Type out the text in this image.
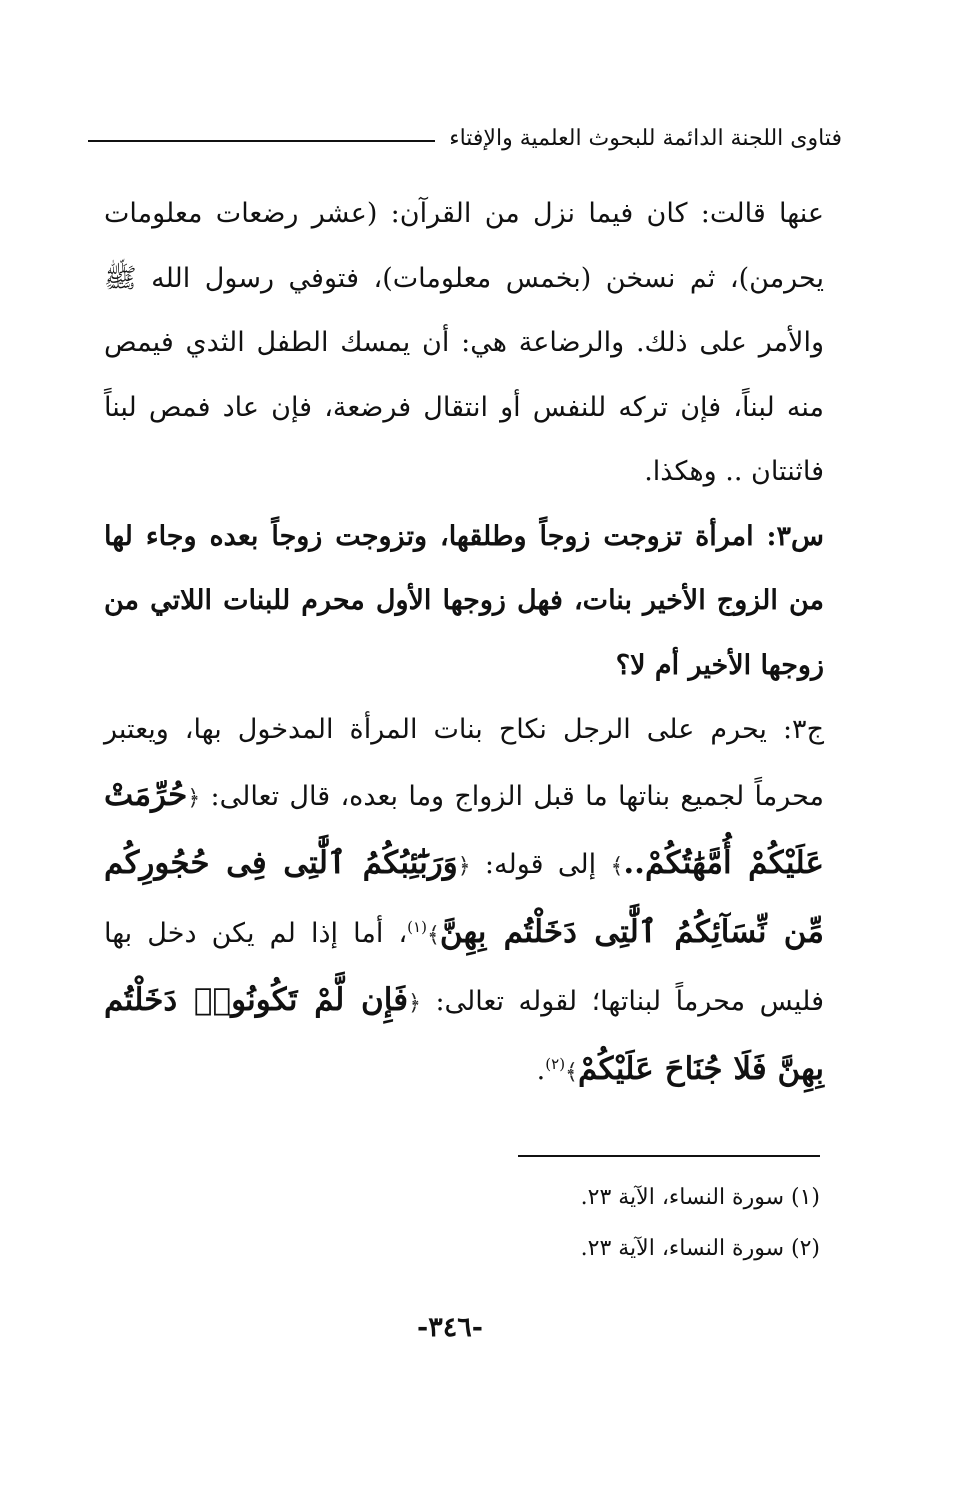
فتاوى اللجنة الدائمة للبحوث العلمية والإفتاء

عنها قالت: كان فيما نزل من القرآن: (عشر رضعات معلومات يحرمن)، ثم نسخن (بخمس معلومات)، فتوفي رسول الله ﷺ والأمر على ذلك. والرضاعة هي: أن يمسك الطفل الثدي فيمص منه لبناً، فإن تركه للنفس أو انتقال فرضعة، فإن عاد فمص لبناً فاثنتان .. وهكذا.

س٣: امرأة تزوجت زوجاً وطلقها، وتزوجت زوجاً بعده وجاء لها من الزوج الأخير بنات، فهل زوجها الأول محرم للبنات اللاتي من زوجها الأخير أم لا؟

ج٣: يحرم على الرجل نكاح بنات المرأة المدخول بها، ويعتبر محرماً لجميع بناتها ما قبل الزواج وما بعده، قال تعالى: ﴿حُرِّمَتْ عَلَيْكُمْ أُمَّهَٰتُكُمْ..﴾ إلى قوله: ﴿وَرَبَٰٓئِبُكُمُ ٱلَّٰتِى فِى حُجُورِكُم مِّن نِّسَآئِكُمُ ٱلَّٰتِى دَخَلْتُم بِهِنَّ﴾$^{(١)}$، أما إذا لم يكن دخل بها فليس محرماً لبناتها؛ لقوله تعالى: ﴿فَإِن لَّمْ تَكُونُوا۟ دَخَلْتُم بِهِنَّ فَلَا جُنَاحَ عَلَيْكُمْ﴾$^{(٢)}$.

(١) سورة النساء، الآية ٢٣.

(٢) سورة النساء، الآية ٢٣.

-٣٤٦-
